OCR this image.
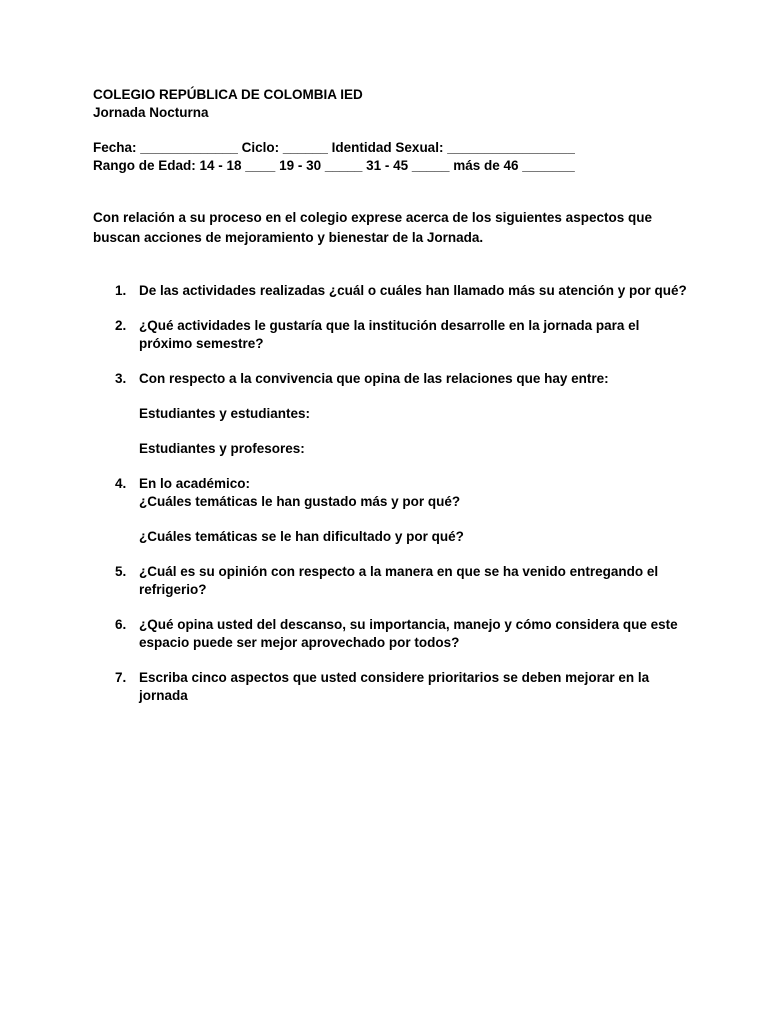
COLEGIO REPÚBLICA DE COLOMBIA IED

Jornada Nocturna

Fecha: _____________ Ciclo: ______ Identidad Sexual: _________________

Rango de Edad: 14 - 18 ____ 19 - 30 _____ 31 - 45 _____ más de 46 _______

Con relación a su proceso en el colegio exprese acerca de los siguientes aspectos que buscan acciones de mejoramiento y bienestar de la Jornada.

1. De las actividades realizadas ¿cuál o cuáles han llamado más su atención y por qué?
2. ¿Qué actividades le gustaría que la institución desarrolle en la jornada para el próximo semestre?
3. Con respecto a la convivencia que opina de las relaciones que hay entre:
Estudiantes y estudiantes:
Estudiantes y profesores:
4. En lo académico:
¿Cuáles temáticas le han gustado más y por qué?
¿Cuáles temáticas se le han dificultado y por qué?
5. ¿Cuál es su opinión con respecto a la manera en que se ha venido entregando el refrigerio?
6. ¿Qué opina usted del descanso, su importancia, manejo y cómo considera que este espacio puede ser mejor aprovechado por todos?
7. Escriba cinco aspectos que usted considere prioritarios se deben mejorar en la jornada
